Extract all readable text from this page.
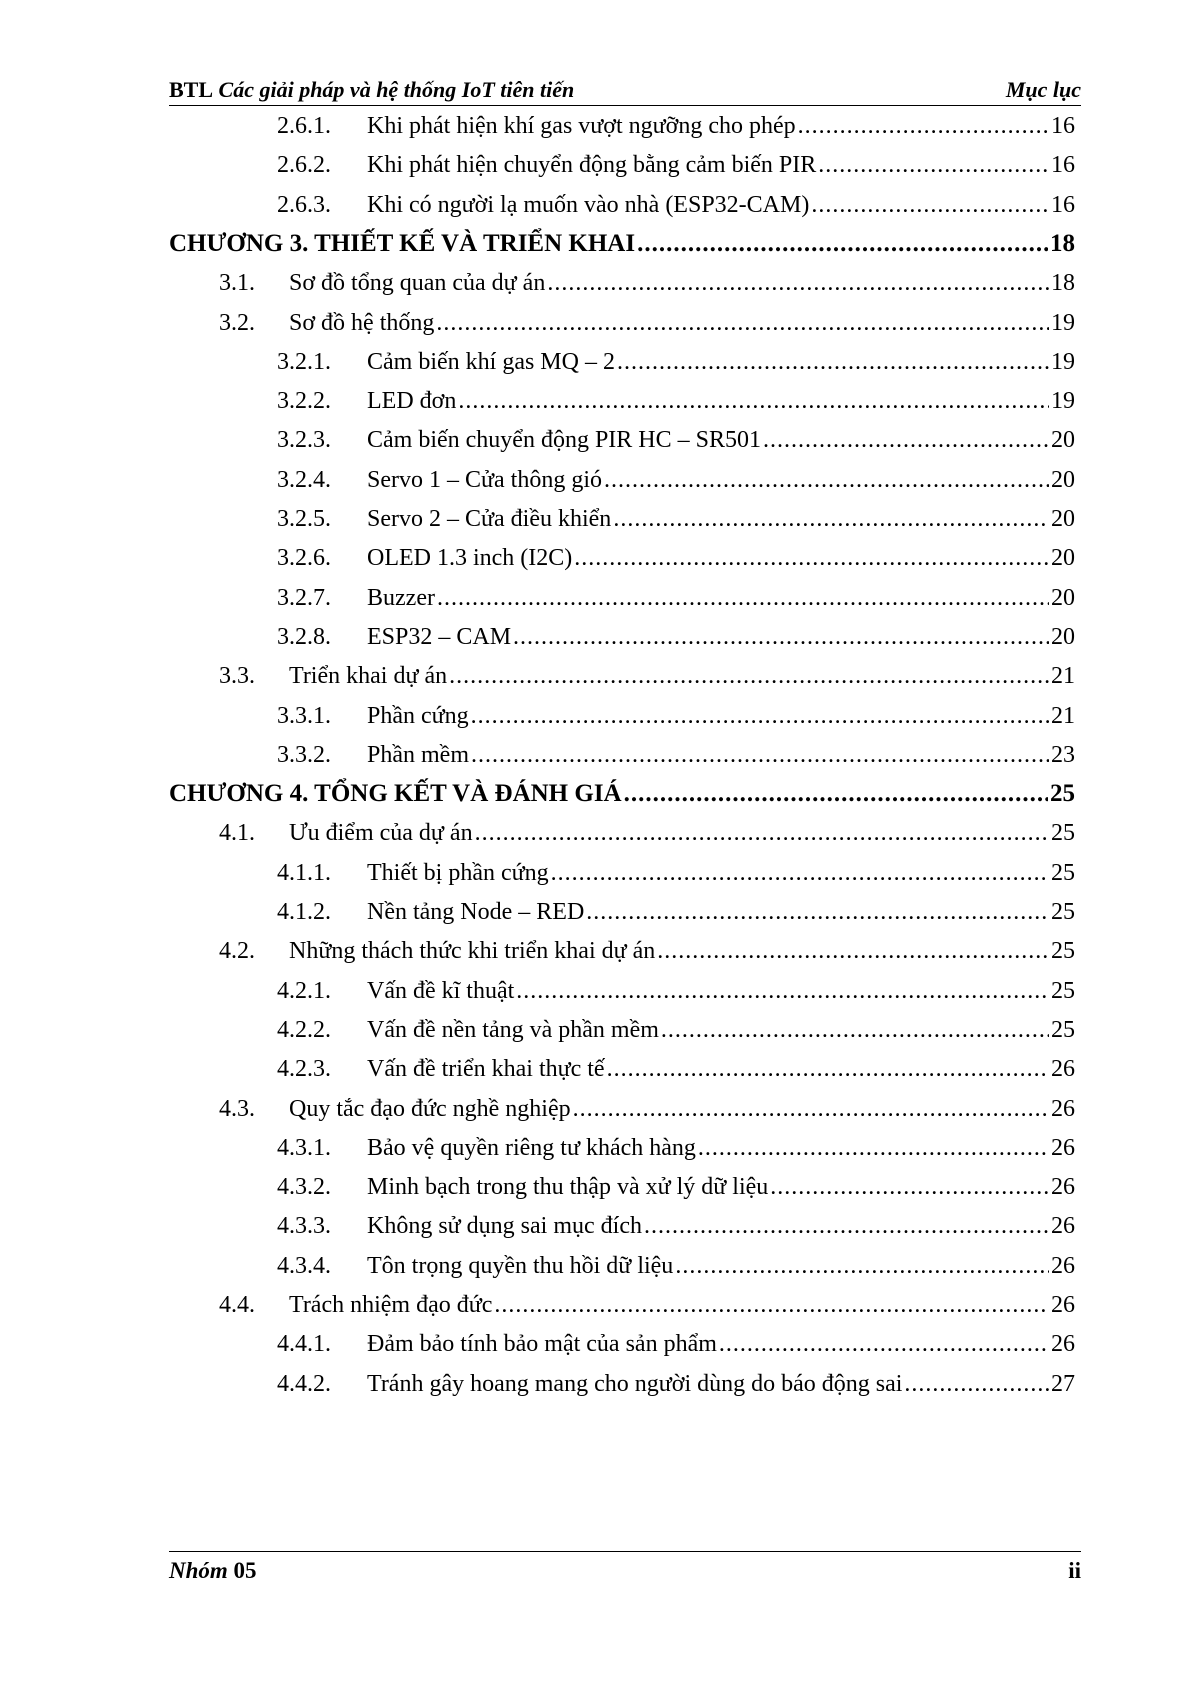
BTL Các giải pháp và hệ thống IoT tiên tiến	Mục lục
2.6.1.	Khi phát hiện khí gas vượt ngưỡng cho phép .....	16
2.6.2.	Khi phát hiện chuyển động bằng cảm biến PIR .....	16
2.6.3.	Khi có người lạ muốn vào nhà (ESP32-CAM) .....	16
CHƯƠNG 3. THIẾT KẾ VÀ TRIỂN KHAI .....	18
3.1.	Sơ đồ tổng quan của dự án .....	18
3.2.	Sơ đồ hệ thống .....	19
3.2.1.	Cảm biến khí gas MQ – 2 .....	19
3.2.2.	LED đơn .....	19
3.2.3.	Cảm biến chuyển động PIR HC – SR501 .....	20
3.2.4.	Servo 1 – Cửa thông gió .....	20
3.2.5.	Servo 2 – Cửa điều khiển .....	20
3.2.6.	OLED 1.3 inch (I2C) .....	20
3.2.7.	Buzzer .....	20
3.2.8.	ESP32 – CAM .....	20
3.3.	Triển khai dự án .....	21
3.3.1.	Phần cứng .....	21
3.3.2.	Phần mềm .....	23
CHƯƠNG 4. TỔNG KẾT VÀ ĐÁNH GIÁ .....	25
4.1.	Ưu điểm của dự án .....	25
4.1.1.	Thiết bị phần cứng .....	25
4.1.2.	Nền tảng Node – RED .....	25
4.2.	Những thách thức khi triển khai dự án .....	25
4.2.1.	Vấn đề kĩ thuật .....	25
4.2.2.	Vấn đề nền tảng và phần mềm .....	25
4.2.3.	Vấn đề triển khai thực tế .....	26
4.3.	Quy tắc đạo đức nghề nghiệp .....	26
4.3.1.	Bảo vệ quyền riêng tư khách hàng .....	26
4.3.2.	Minh bạch trong thu thập và xử lý dữ liệu .....	26
4.3.3.	Không sử dụng sai mục đích .....	26
4.3.4.	Tôn trọng quyền thu hồi dữ liệu .....	26
4.4.	Trách nhiệm đạo đức .....	26
4.4.1.	Đảm bảo tính bảo mật của sản phẩm .....	26
4.4.2.	Tránh gây hoang mang cho người dùng do báo động sai .....	27
Nhóm 05	ii
